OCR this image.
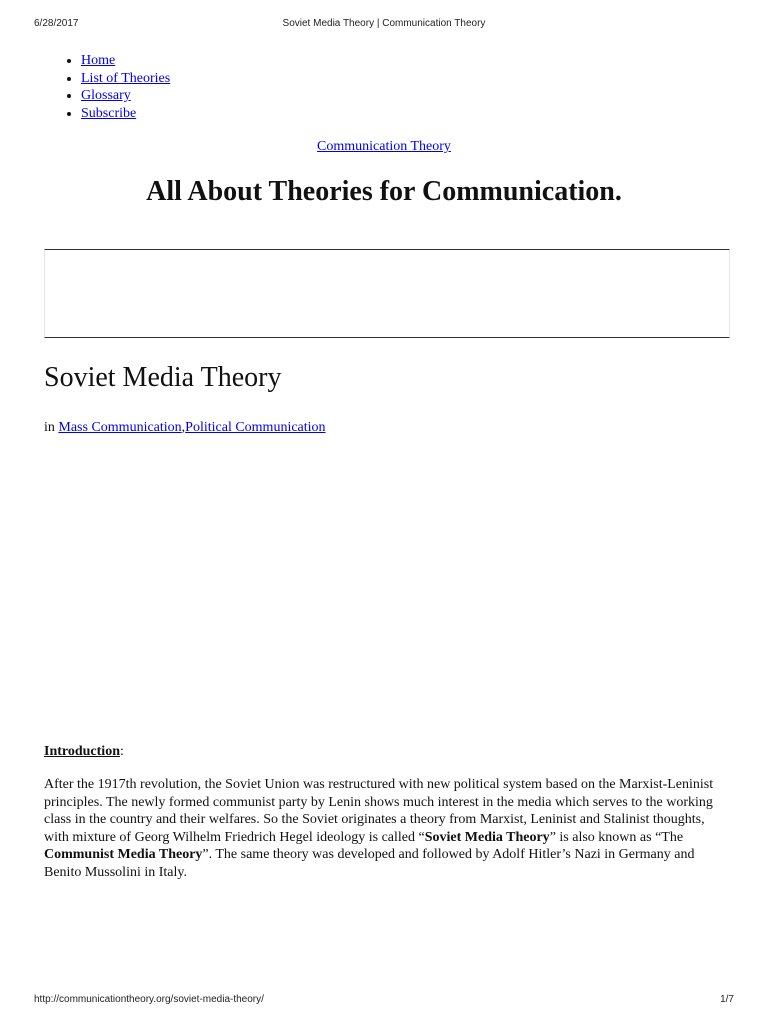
6/28/2017	Soviet Media Theory | Communication Theory
• Home
• List of Theories
• Glossary
• Subscribe
Communication Theory
All About Theories for Communication.
Soviet Media Theory
in Mass Communication,Political Communication
Introduction:

After the 1917th revolution, the Soviet Union was restructured with new political system based on the Marxist-Leninist principles. The newly formed communist party by Lenin shows much interest in the media which serves to the working class in the country and their welfares. So the Soviet originates a theory from Marxist, Leninist and Stalinist thoughts, with mixture of Georg Wilhelm Friedrich Hegel ideology is called “Soviet Media Theory” is also known as “The Communist Media Theory”. The same theory was developed and followed by Adolf Hitler’s Nazi in Germany and Benito Mussolini in Italy.

http://communicationtheory.org/soviet-media-theory/	1/7
